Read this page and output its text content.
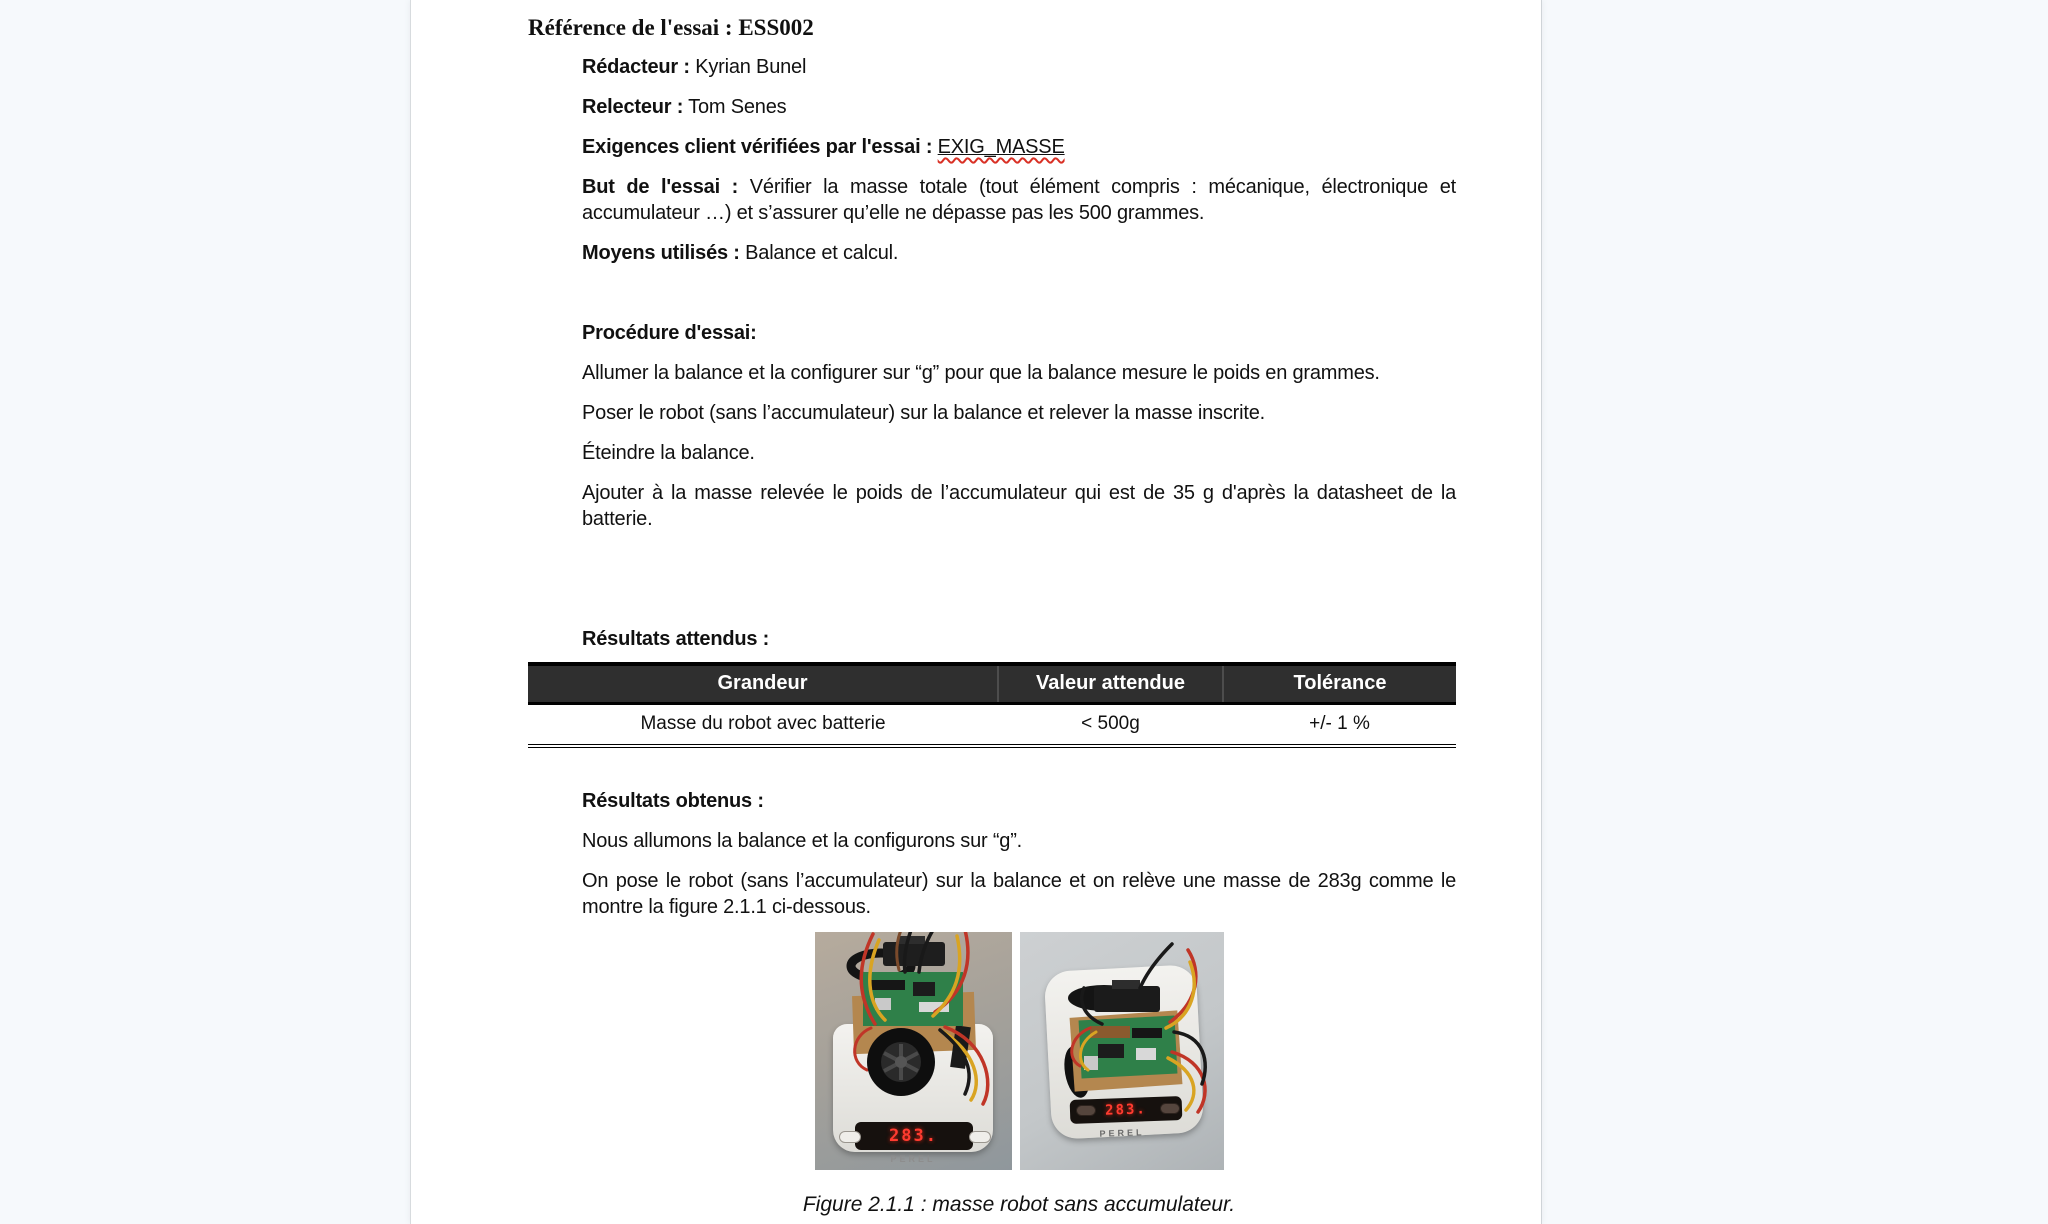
Référence de l'essai : ESS002

Rédacteur : Kyrian Bunel

Relecteur : Tom Senes

Exigences client vérifiées par l'essai : EXIG_MASSE

But de l'essai : Vérifier la masse totale (tout élément compris : mécanique, électronique et accumulateur …) et s’assurer qu’elle ne dépasse pas les 500 grammes.

Moyens utilisés : Balance et calcul.

Procédure d'essai:

Allumer la balance et la configurer sur “g” pour que la balance mesure le poids en grammes.

Poser le robot (sans l’accumulateur) sur la balance et relever la masse inscrite.

Éteindre la balance.

Ajouter à la masse relevée le poids de l’accumulateur qui est de 35 g d'après la datasheet de la batterie.

Résultats attendus :

Grandeur	Valeur attendue	Tolérance
Masse du robot avec batterie	< 500g	+/- 1 %

Résultats obtenus :

Nous allumons la balance et la configurons sur “g”.

On pose le robot (sans l’accumulateur) sur la balance et on relève une masse de 283g comme le montre la figure 2.1.1 ci-dessous.

283.
PEREL
283.
PEREL
Figure 2.1.1 : masse robot sans accumulateur.
